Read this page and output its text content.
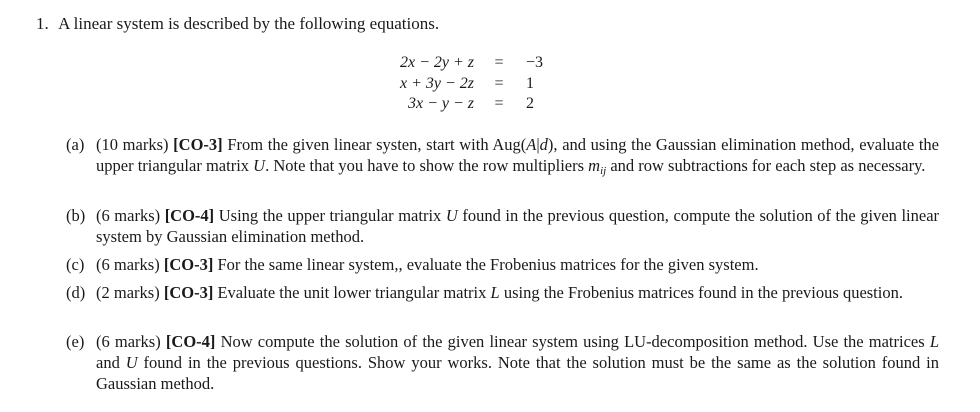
1. A linear system is described by the following equations.
2x − 2y + z	=	−3
x + 3y − 2z	=	1
3x − y − z	=	2
(a) (10 marks) [CO-3] From the given linear systen, start with Aug(A|d), and using the Gaussian elimination method, evaluate the upper triangular matrix U. Note that you have to show the row multipliers $m_{ij}$ and row subtractions for each step as necessary.
(b) (6 marks) [CO-4] Using the upper triangular matrix U found in the previous question, compute the solution of the given linear system by Gaussian elimination method.
(c) (6 marks) [CO-3] For the same linear system,, evaluate the Frobenius matrices for the given system.
(d) (2 marks) [CO-3] Evaluate the unit lower triangular matrix L using the Frobenius matrices found in the previous question.
(e) (6 marks) [CO-4] Now compute the solution of the given linear system using LU-decomposition method. Use the matrices L and U found in the previous questions. Show your works. Note that the solution must be the same as the solution found in Gaussian method.
